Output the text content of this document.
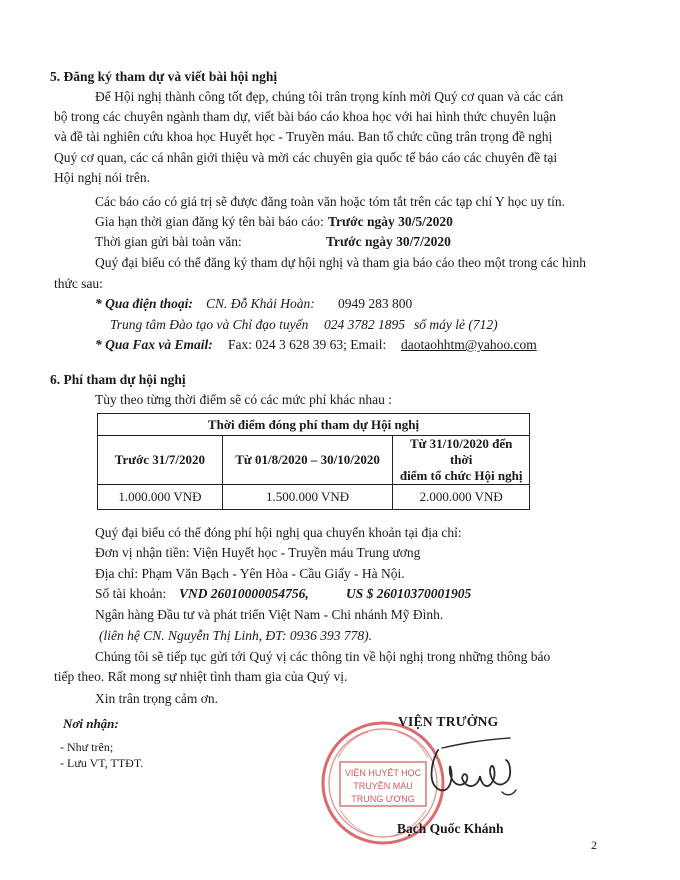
5. Đăng ký tham dự và viết bài hội nghị
Để Hội nghị thành công tốt đẹp, chúng tôi trân trọng kính mời Quý cơ quan và các cán
bộ trong các chuyên ngành tham dự, viết bài báo cáo khoa học với hai hình thức chuyên luận
và đề tài nghiên cứu khoa học Huyết học - Truyền máu. Ban tổ chức cũng trân trọng đề nghị
Quý cơ quan, các cá nhân giới thiệu và mời các chuyên gia quốc tế báo cáo các chuyên đề tại
Hội nghị nói trên.
Các báo cáo có giá trị sẽ được đăng toàn văn hoặc tóm tắt trên các tạp chí Y học uy tín.
Gia hạn thời gian đăng ký tên bài báo cáo: Trước ngày 30/5/2020
Thời gian gửi bài toàn văn:	Trước ngày 30/7/2020
Quý đại biểu có thể đăng ký tham dự hội nghị và tham gia báo cáo theo một trong các hình
thức sau:
* Qua điện thoại: CN. Đỗ Khải Hoàn: 0949 283 800
Trung tâm Đào tạo và Chỉ đạo tuyến 024 3782 1895 số máy lẻ (712)
* Qua Fax và Email: Fax: 024 3 628 39 63; Email: daotaohhtm@yahoo.com
6. Phí tham dự hội nghị
Tùy theo từng thời điểm sẽ có các mức phí khác nhau :
Thời điểm đóng phí tham dự Hội nghị		
Trước 31/7/2020	Từ 01/8/2020 – 30/10/2020	Từ 31/10/2020 đến thời
điểm tổ chức Hội nghị

1.000.000 VNĐ	1.500.000 VNĐ	2.000.000 VNĐ
Quý đại biểu có thể đóng phí hội nghị qua chuyển khoản tại địa chỉ:
Đơn vị nhận tiền: Viện Huyết học - Truyền máu Trung ương
Địa chỉ: Phạm Văn Bạch - Yên Hòa - Cầu Giấy - Hà Nội.
Số tài khoản: VND 26010000054756,	US $ 26010370001905
Ngân hàng Đầu tư và phát triển Việt Nam - Chi nhánh Mỹ Đình.
(liên hệ CN. Nguyễn Thị Linh, ĐT: 0936 393 778).
Chúng tôi sẽ tiếp tục gửi tới Quý vị các thông tin về hội nghị trong những thông báo
tiếp theo. Rất mong sự nhiệt tình tham gia của Quý vị.
Xin trân trọng cảm ơn.
Nơi nhận:
- Như trên;
- Lưu VT, TTĐT.
VIỆN HUYẾT HỌC
TRUYỀN MÁU
TRUNG ƯƠNG
VIỆN TRƯỞNG
Bạch Quốc Khánh
2
